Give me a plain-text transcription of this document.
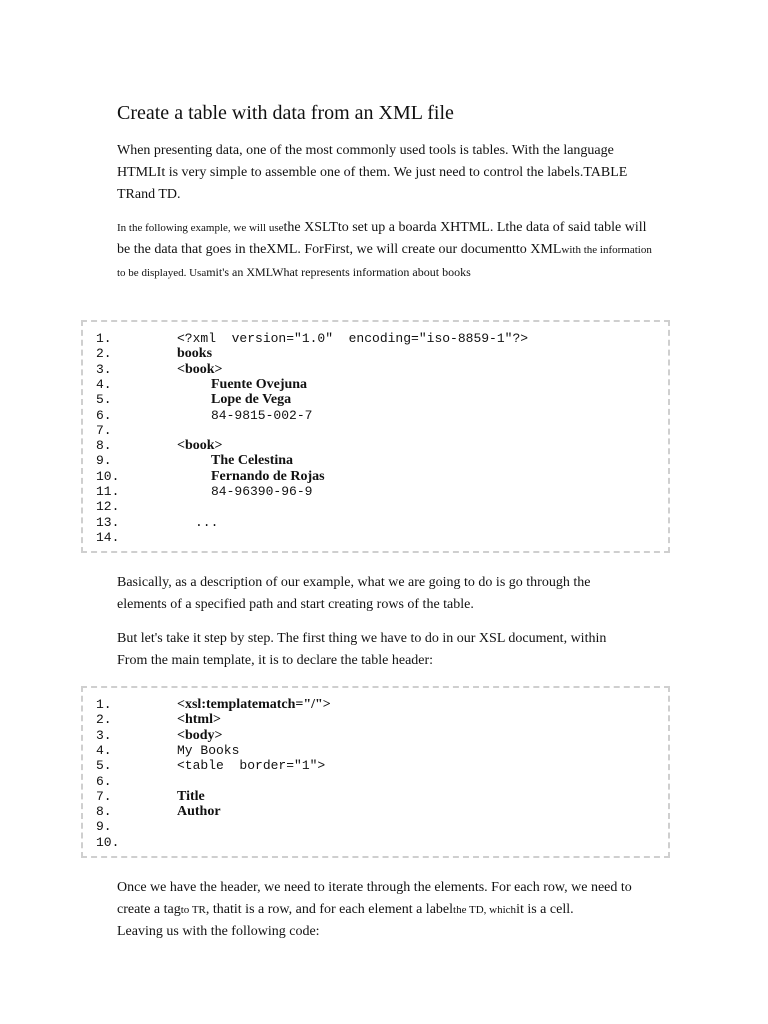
Create a table with data from an XML file

When presenting data, one of the most commonly used tools is tables. With the language HTMLIt is very simple to assemble one of them. We just need to control the labels.TABLE TRand TD.

In the following example, we will usethe XSLTto set up a boarda XHTML. Lthe data of said table will be the data that goes in theXML. ForFirst, we will create our documentto XMLwith the information to be displayed. Usamit's an XMLWhat represents information about books

1.	<?xml  version="1.0"  encoding="iso-8859-1"?>
2.	books
3.	<book>
4.	Fuente Ovejuna
5.	Lope de Vega
6.	84-9815-002-7
7.
8.	<book>
9.	The Celestina
10.	Fernando de Rojas
11.	84-96390-96-9
12.
13.	...
14.

Basically, as a description of our example, what we are going to do is go through the elements of a specified path and start creating rows of the table.

But let's take it step by step. The first thing we have to do in our XSL document, within From the main template, it is to declare the table header:

1.	<xsl:templatematch="/">
2.	<html>
3.	<body>
4.	My Books
5.	<table  border="1">
6.
7.	Title
8.	Author
9.
10.

Once we have the header, we need to iterate through the elements. For each row, we need to create a tagto TR, thatit is a row, and for each element a labelthe TD, whichit is a cell.
Leaving us with the following code:
